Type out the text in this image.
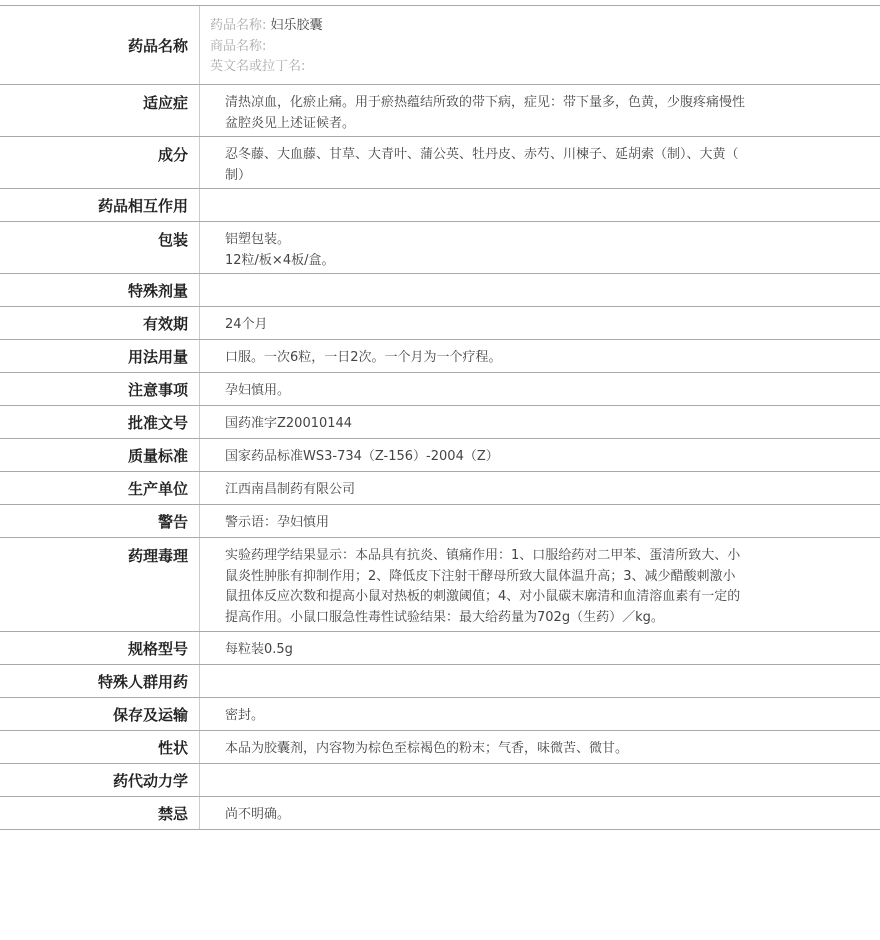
药品名称

药品名称: 妇乐胶囊

商品名称:

英文名或拉丁名:

适应症	清热凉血，化瘀止痛。用于瘀热蕴结所致的带下病，症见：带下量多，色黄，少腹疼痛慢性

盆腔炎见上述证候者。

成分	忍冬藤、大血藤、甘草、大青叶、蒲公英、牡丹皮、赤芍、川楝子、延胡索（制）、大黄（

制）

药品相互作用
包装	铝塑包装。

12粒/板×4板/盒。

特殊剂量
有效期	24个月

用法用量	口服。一次6粒，一日2次。一个月为一个疗程。

注意事项	孕妇慎用。

批准文号	国药准字Z20010144

质量标准	国家药品标准WS3-734（Z-156）-2004（Z）

生产单位	江西南昌制药有限公司

警告	警示语：孕妇慎用

药理毒理	实验药理学结果显示：本品具有抗炎、镇痛作用：1、口服给药对二甲苯、蛋清所致大、小

鼠炎性肿胀有抑制作用；2、降低皮下注射干酵母所致大鼠体温升高；3、减少醋酸刺激小

鼠扭体反应次数和提高小鼠对热板的刺激阈值；4、对小鼠碳末廓清和血清溶血素有一定的

提高作用。小鼠口服急性毒性试验结果：最大给药量为702g（生药）／kg。

规格型号	每粒装0.5g

特殊人群用药
保存及运输	密封。

性状	本品为胶囊剂，内容物为棕色至棕褐色的粉末；气香，味微苦、微甘。

药代动力学
禁忌	尚不明确。
